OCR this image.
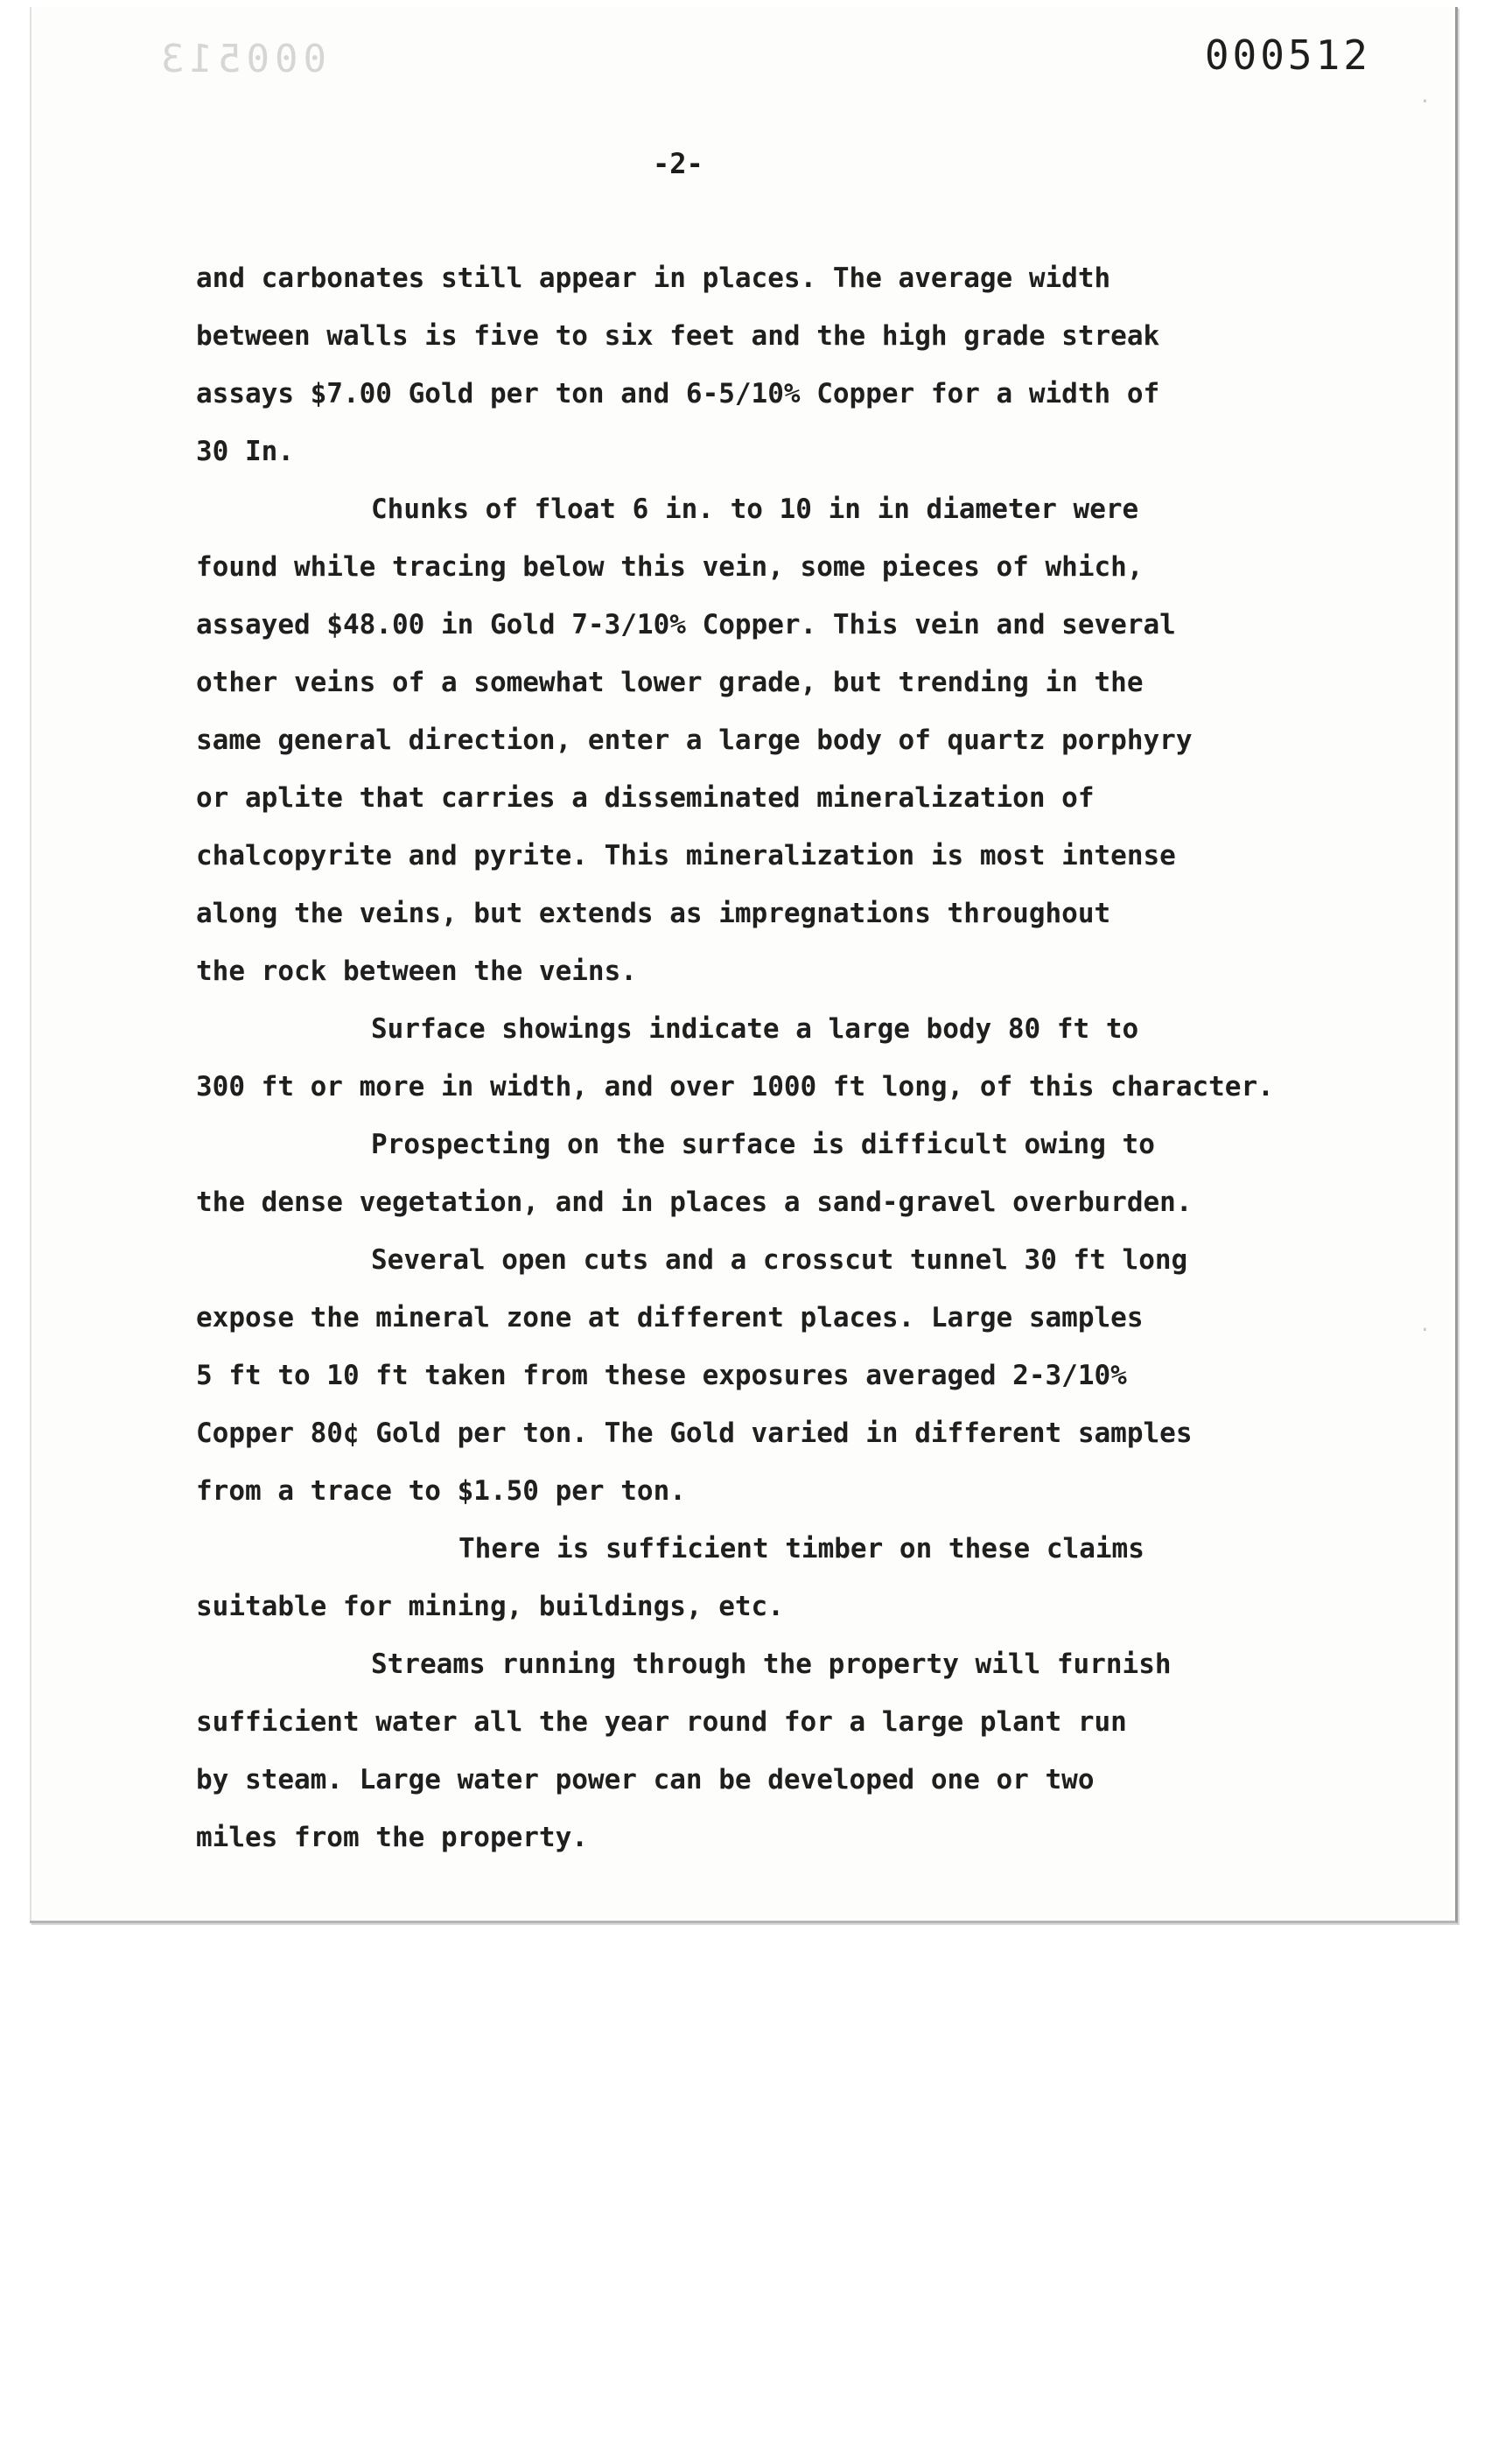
000513	000512
-2-
·
·
and carbonates still appear in places. The average width
between walls is five to six feet and the high grade streak
assays $7.00 Gold per ton and 6-5/10% Copper for a width of
30 In.
Chunks of float 6 in. to 10 in in diameter were
found while tracing below this vein, some pieces of which,
assayed $48.00 in Gold 7-3/10% Copper. This vein and several
other veins of a somewhat lower grade, but trending in the
same general direction, enter a large body of quartz porphyry
or aplite that carries a disseminated mineralization of
chalcopyrite and pyrite. This mineralization is most intense
along the veins, but extends as impregnations throughout
the rock between the veins.
Surface showings indicate a large body 80 ft to
300 ft or more in width, and over 1000 ft long, of this character.
Prospecting on the surface is difficult owing to
the dense vegetation, and in places a sand-gravel overburden.
Several open cuts and a crosscut tunnel 30 ft long
expose the mineral zone at different places. Large samples
5 ft to 10 ft taken from these exposures averaged 2-3/10%
Copper 80¢ Gold per ton. The Gold varied in different samples
from a trace to $1.50 per ton.
There is sufficient timber on these claims
suitable for mining, buildings, etc.
Streams running through the property will furnish
sufficient water all the year round for a large plant run
by steam. Large water power can be developed one or two
miles from the property.
